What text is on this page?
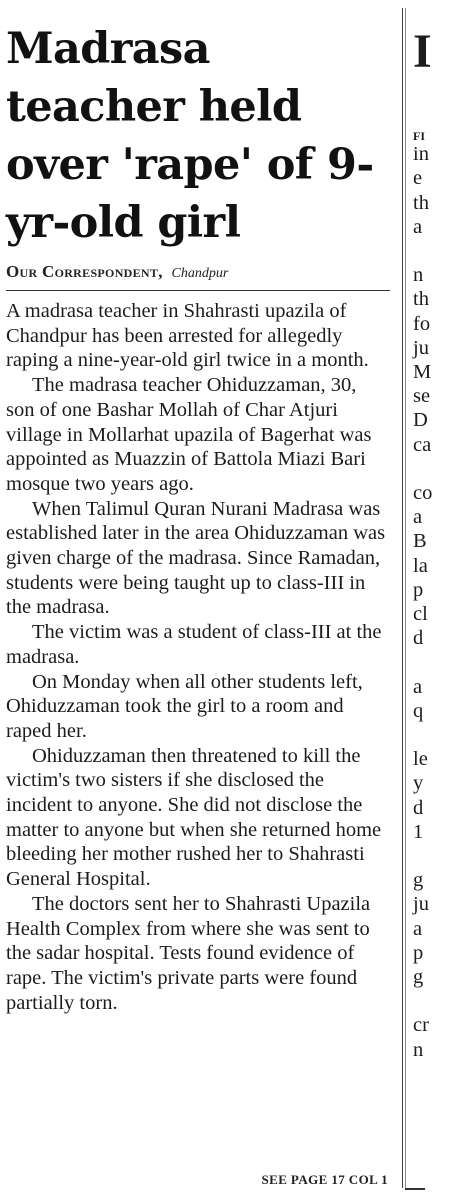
Madrasa teacher held over 'rape' of 9-yr-old girl
Our Correspondent, Chandpur

A madrasa teacher in Shahrasti upazila of Chandpur has been arrested for allegedly raping a nine-year-old girl twice in a month.

The madrasa teacher Ohiduzzaman, 30, son of one Bashar Mollah of Char Atjuri village in Mollarhat upazila of Bagerhat was appointed as Muazzin of Battola Miazi Bari mosque two years ago.

When Talimul Quran Nurani Madrasa was established later in the area Ohiduzzaman was given charge of the madrasa. Since Ramadan, students were being taught up to class-III in the madrasa.

The victim was a student of class-III at the madrasa.

On Monday when all other students left, Ohiduzzaman took the girl to a room and raped her.

Ohiduzzaman then threatened to kill the victim's two sisters if she disclosed the incident to anyone. She did not disclose the matter to anyone but when she returned home bleeding her mother rushed her to Shahrasti General Hospital.

The doctors sent her to Shahrasti Upazila Health Complex from where she was sent to the sadar hospital. Tests found evidence of rape. The victim's private parts were found partially torn.

SEE PAGE 17 COL 1
I
FI
in
e
th
a
n
th
fo
ju
M
se
D
ca
co
a
B
la
p
cl
d
a
q
le
y
d
1
g
ju
a
p
g
cr
n
